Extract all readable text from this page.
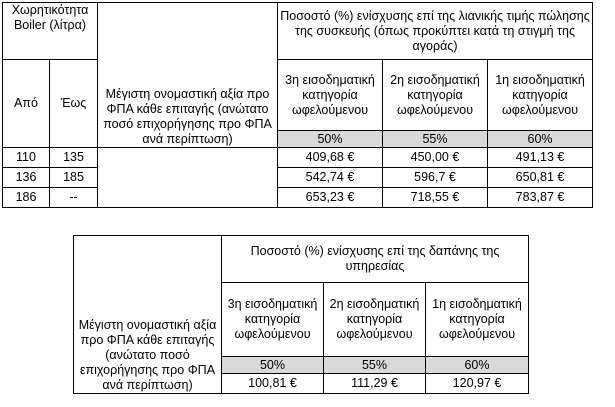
Χωρητικότητα Boiler (λίτρα)		Μέγιστη ονομαστική αξία προ ΦΠΑ κάθε επιταγής (ανώτατο ποσό επιχορήγησης προ ΦΠΑ ανά περίπτωση)	Ποσοστό (%) ενίσχυσης επί της λιανικής τιμής πώλησης της συσκευής (όπως προκύπτει κατά τη στιγμή της αγοράς)		

Από	Έως		3η εισοδηματική κατηγορία ωφελούμενου	2η εισοδηματική κατηγορία ωφελούμενου	1η εισοδηματική κατηγορία ωφελούμενου
			50%	55%	60%

110	135		409,68 €	450,00 €	491,13 €
136	185		542,74 €	596,7 €	650,81 €
186	--		653,23 €	718,55 €	783,87 €
Μέγιστη ονομαστική αξία προ ΦΠΑ κάθε επιταγής (ανώτατο ποσό επιχορήγησης προ ΦΠΑ ανά περίπτωση)	Ποσοστό (%) ενίσχυσης επί της δαπάνης της υπηρεσίας		
	3η εισοδηματική κατηγορία ωφελούμενου	2η εισοδηματική κατηγορία ωφελούμενου	1η εισοδηματική κατηγορία ωφελούμενου
	50%	55%	60%
	100,81 €	111,29 €	120,97 €
